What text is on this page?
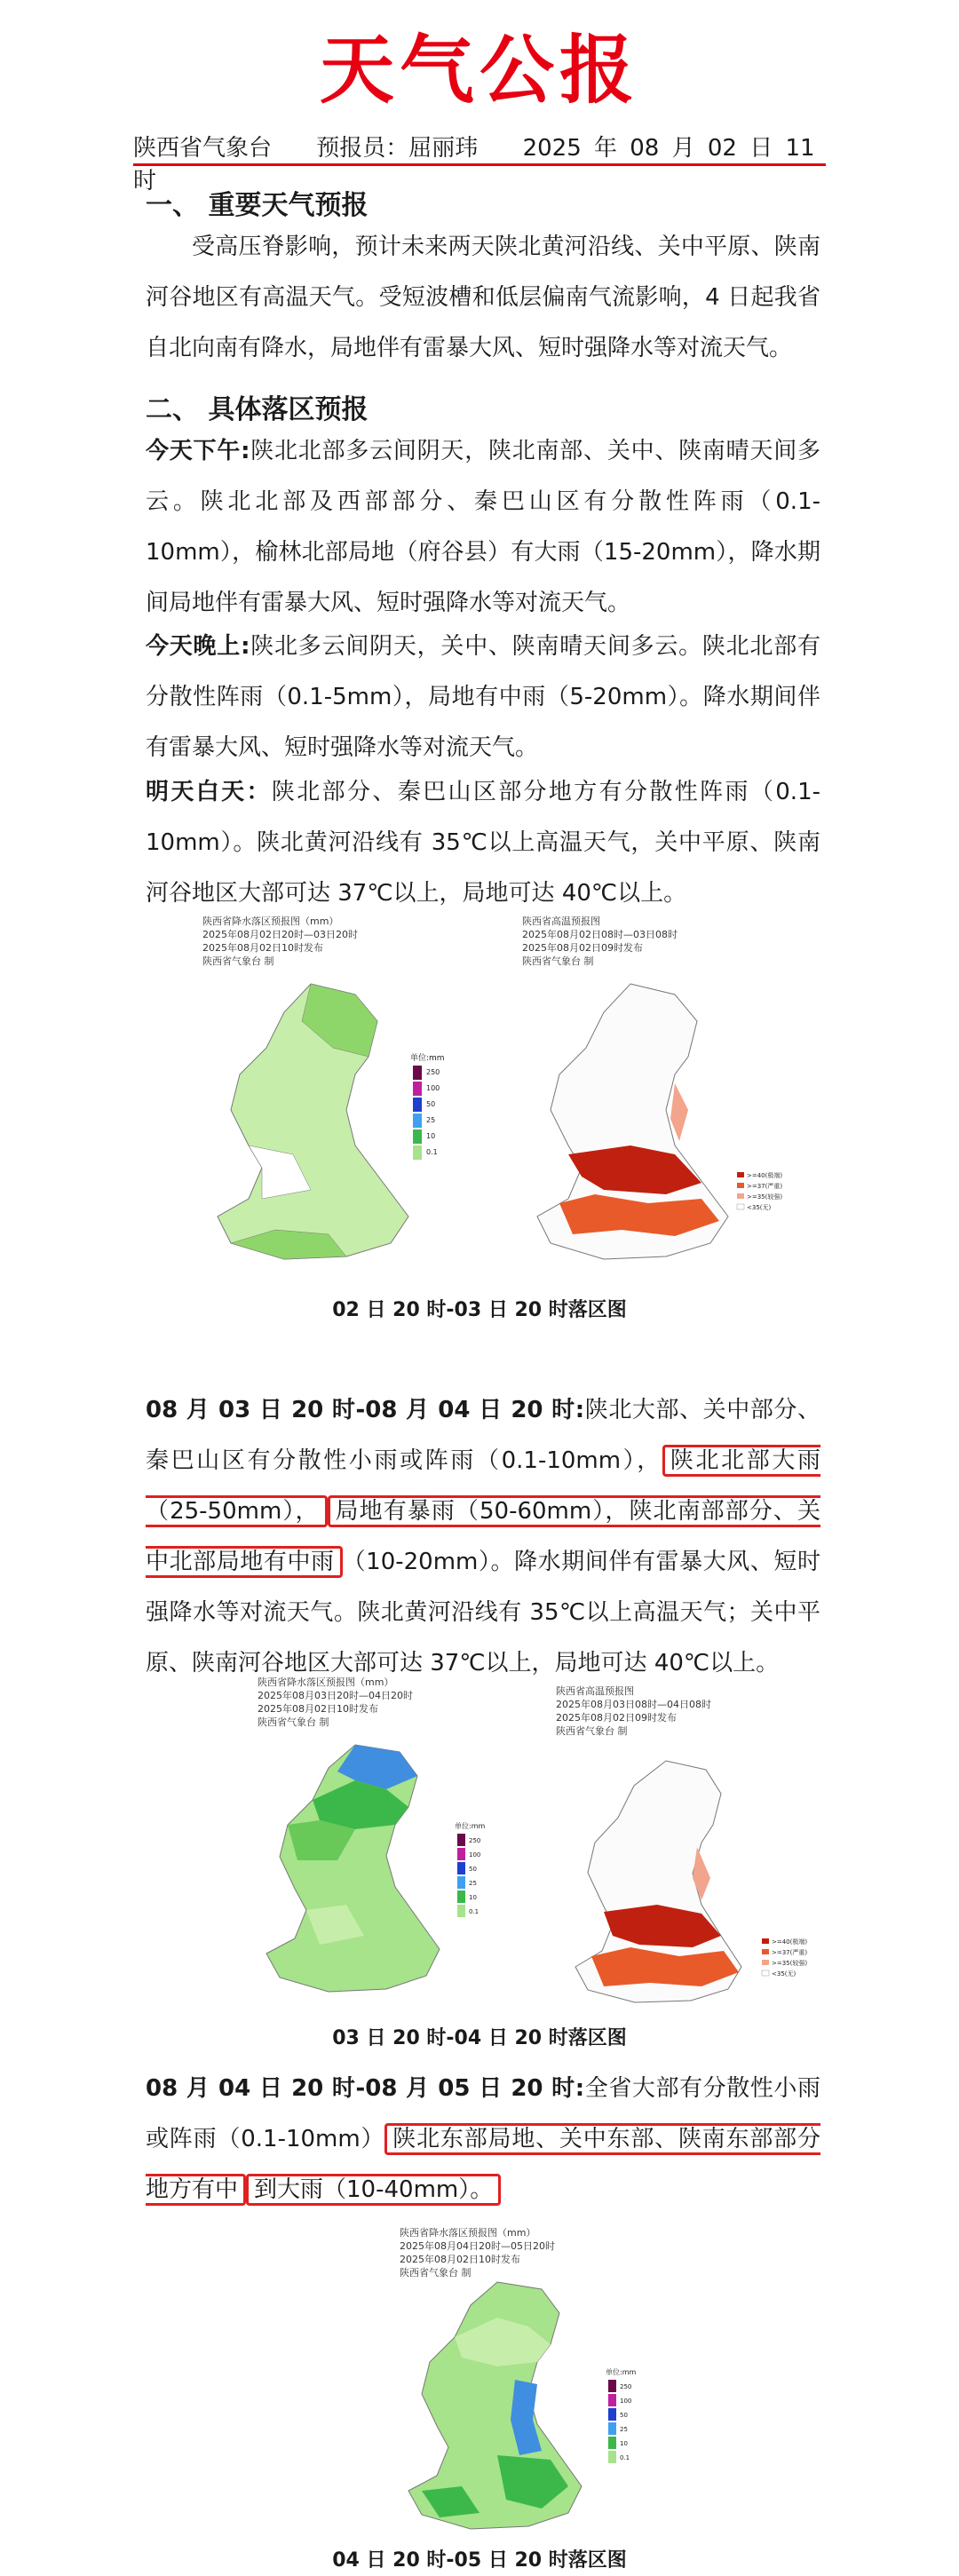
天气公报
陕西省气象台 预报员：屈丽玮 2025 年 08 月 02 日 11 时
一、 重要天气预报
受高压脊影响，预计未来两天陕北黄河沿线、关中平原、陕南河谷地区有高温天气。受短波槽和低层偏南气流影响，4 日起我省自北向南有降水，局地伴有雷暴大风、短时强降水等对流天气。
二、 具体落区预报
今天下午:陕北北部多云间阴天，陕北南部、关中、陕南晴天间多云。陕北北部及西部部分、秦巴山区有分散性阵雨（0.1-10mm），榆林北部局地（府谷县）有大雨（15-20mm），降水期间局地伴有雷暴大风、短时强降水等对流天气。
今天晚上:陕北多云间阴天，关中、陕南晴天间多云。陕北北部有分散性阵雨（0.1-5mm），局地有中雨（5-20mm）。降水期间伴有雷暴大风、短时强降水等对流天气。
明天白天：陕北部分、秦巴山区部分地方有分散性阵雨（0.1-10mm）。陕北黄河沿线有 35℃以上高温天气，关中平原、陕南河谷地区大部可达 37℃以上，局地可达 40℃以上。
陕西省降水落区预报图（mm）
2025年08月02日20时—03日20时
2025年08月02日10时发布
陕西省气象台 制
陕西省高温预报图
2025年08月02日08时—03日08时
2025年08月02日09时发布
陕西省气象台 制
单位:mm
250
100
50
25
10
0.1
>=40(极端)
>=37(严重)
>=35(较强)
<35(无)
02 日 20 时-03 日 20 时落区图
08 月 03 日 20 时-08 月 04 日 20 时:陕北大部、关中部分、秦巴山区有分散性小雨或阵雨（0.1-10mm）， 陕北北部大雨（25-50mm）， 局地有暴雨（50-60mm），陕北南部部分、关中北部局地有中雨 （10-20mm）。降水期间伴有雷暴大风、短时强降水等对流天气。陕北黄河沿线有 35℃以上高温天气；关中平原、陕南河谷地区大部可达 37℃以上，局地可达 40℃以上。
陕西省降水落区预报图（mm）
2025年08月03日20时—04日20时
2025年08月02日10时发布
陕西省气象台 制
陕西省高温预报图
2025年08月03日08时—04日08时
2025年08月02日09时发布
陕西省气象台 制
单位:mm
250
100
50
25
10
0.1
>=40(极端)
>=37(严重)
>=35(较强)
<35(无)
03 日 20 时-04 日 20 时落区图
08 月 04 日 20 时-08 月 05 日 20 时:全省大部有分散性小雨或阵雨（0.1-10mm） 陕北东部局地、关中东部、陕南东部部分地方有中 到大雨（10-40mm）。
陕西省降水落区预报图（mm）
2025年08月04日20时—05日20时
2025年08月02日10时发布
陕西省气象台 制
单位:mm
250
100
50
25
10
0.1
04 日 20 时-05 日 20 时落区图
